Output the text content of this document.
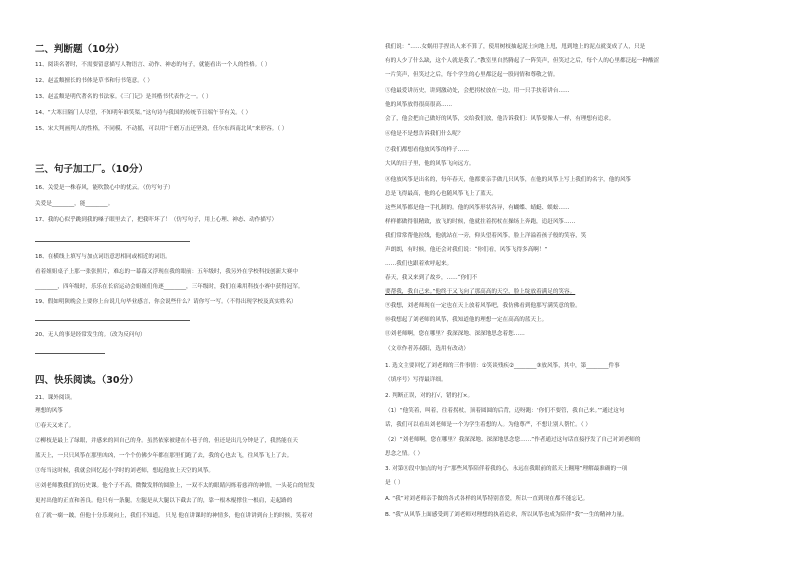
二、判断题（10分）
11、阅读名著时，不需要留意描写人物语言、动作、神态的句子，就能看出一个人的性格。（ ）
12、赵孟頫擅长的书体是草书和行书笔意。（ ）
13、赵孟頫是明代著名的书法家。《三门记》是其楷书代表作之一。（ ）
14、“大寒日隔门人尽望，不知明年谁笑渠。”这句诗与我国的传统节日端午节有关。（ ）
15、宋大判画判人的性格，不同模、不动摇，可以用“千磨万击还坚劲，任尔东西南北风”来形容。（ ）
三、句子加工厂。（10分）
16、关爱是一株春风，能吹散心中的忧云。（仿写句子）
关爱是________，能________。
17、我的心似乎跳到我的嗓子眼里去了，把我吓坏了！（仿写句子，用上心理、神态、动作描写）
18、在横线上填写与加点词语意思相同或相近的词语。
看着姐姐桌子上那一张张照片，难忘的一幕幕又浮现在我的眼前：五年级时，我另外在学校科技创新大赛中
________，四年级时，乐乐在长宿运动会姐姐们角逐________，三年级时，我们在乘用科技小赛中获得冠军。
19、假如明陕晚会上要你上台说几句毕业感言，你会说些什么？请你写一写。（不得出现学校及真实姓名）
20、无人的事是经常发生的。（改为反问句）
四、快乐阅读。（30分）
21、课外阅读。
理想的风筝
①春天又来了。
②柳枝是最上了绿眼，并感来的回自己的身。虽然依家被建在小巷子的，但还是出几分钟是了，我然能在天
蓝天上，一只只风筝在那里凶凶，一个个仿佛少年都在那里们跑了去，我的心也去飞，往风筝飞上了去。
③每当这时候，我就会回忆起小学时的刘老师，想起他放上天空的风筝。
④刘老师教我们的历史课。他个子不高，微微发胖的圆脸上，一双不太的眼睛闪烁着慈祥的神情，一头花白的短发
更衬出他的正直和善良。他只有一条腿，左腿是从大腿以下截去了的，靠一根木棍撑住一根肩，走起路的
在了就一瘸一跛，但他十分乐观向上，我们不知道。 只见 他在讲课时的神情多，他在讲讲到台上的时候，笑着对
我们说：“……女娲用手捏出人来不算了，使用树枝抽起泥土向地上甩，甩到地上的泥点就变成了人，只是
有的人少了什么缺，这个人就是我了。”教室里自然腾起了一阵笑声，但笑过之后，每个人的心里都泛起一种酸涩
一片笑声，但笑过之后，每个学生的心里都泛起一股同情和尊敬之情。
⑤他最爱讲历史，讲到激动处，会把拐杖放在一边，用一只手扶着讲台……
他的风筝放得很高很高……
会了，他会把自己做好的风筝，交给我们放，他告诉我们：风筝要像人一样，有理想有追求。
⑥他是不是想告诉我们什么呢？
⑦我们都想看他放风筝的样子……
大风的日子里，他的风筝飞向远方。
⑧他放风筝是出名的，每年春天，他都要亲手做几只风筝，在他的风筝上写上我们的名字，他的风筝
总是飞得最高，他的心也随风筝飞上了蓝天。
这些风筝都是他一手扎制的。他的风筝形状各异，有蝴蝶、蜻蜓、蜈蚣……
样样都做得很精致，放飞的时候，他就拄着拐杖在操场上奔跑，追赶风筝……
我们常常帮他拉线，他就站在一旁，仰头望着风筝，脸上洋溢着孩子般的笑容，笑
声朗朗，有时候，他还会对我们说：“你们看，风筝飞得多高啊！”
……我们也跟着欢呼起来。
春天，我又来到了故乡，……“你们不
要帮我，我自己来。”他终于又飞向了那高高的天空，脸上绽放着满足的笑容。
⑨我想，刘老师现在一定也在天上放着风筝吧，我仿佛看到他那写满笑意的脸。
⑩我想起了刘老师的风筝，我知道他的理想一定在高高的蓝天上。
⑪刘老师啊，您在哪里？我深深地、深深地思念着您……
（文章作者苏叔阳，选用有改动）
1. 选文主要回忆了刘老师的三件事情：①笑谈残疾②________③放风筝，其中，第________件事
（填序号）写得最详细。
2. 判断正误，对的打√，错的打×。
（1）“他笑着，叫着，往着拐杖，顶着圆圆的后背，迈呀跑：‘你们不要管，我自己来。’”通过这句
话，我们可以看出刘老师是一个为学生着想的人。为他尊严，不想让别人帮忙。（ ）
（2）“刘老师啊，您在哪里？我深深地、深深地思念您……”作者通过这句话直接抒发了自己对刘老师的
思念之情。（ ）
3. 对第⑪段中加点的句子“那些风筝陪伴着我的心，永远在我眼前的蓝天上翱翔”理解最准确的一项
是（ ）
A. “我”对刘老师亲手做的各式各样的风筝特别喜爱，所以一直到现在都不能忘记。
B. “我”从风筝上面感受到了刘老师对理想的执着追求，所以风筝也成为陪伴“我”一生的精神力量。
